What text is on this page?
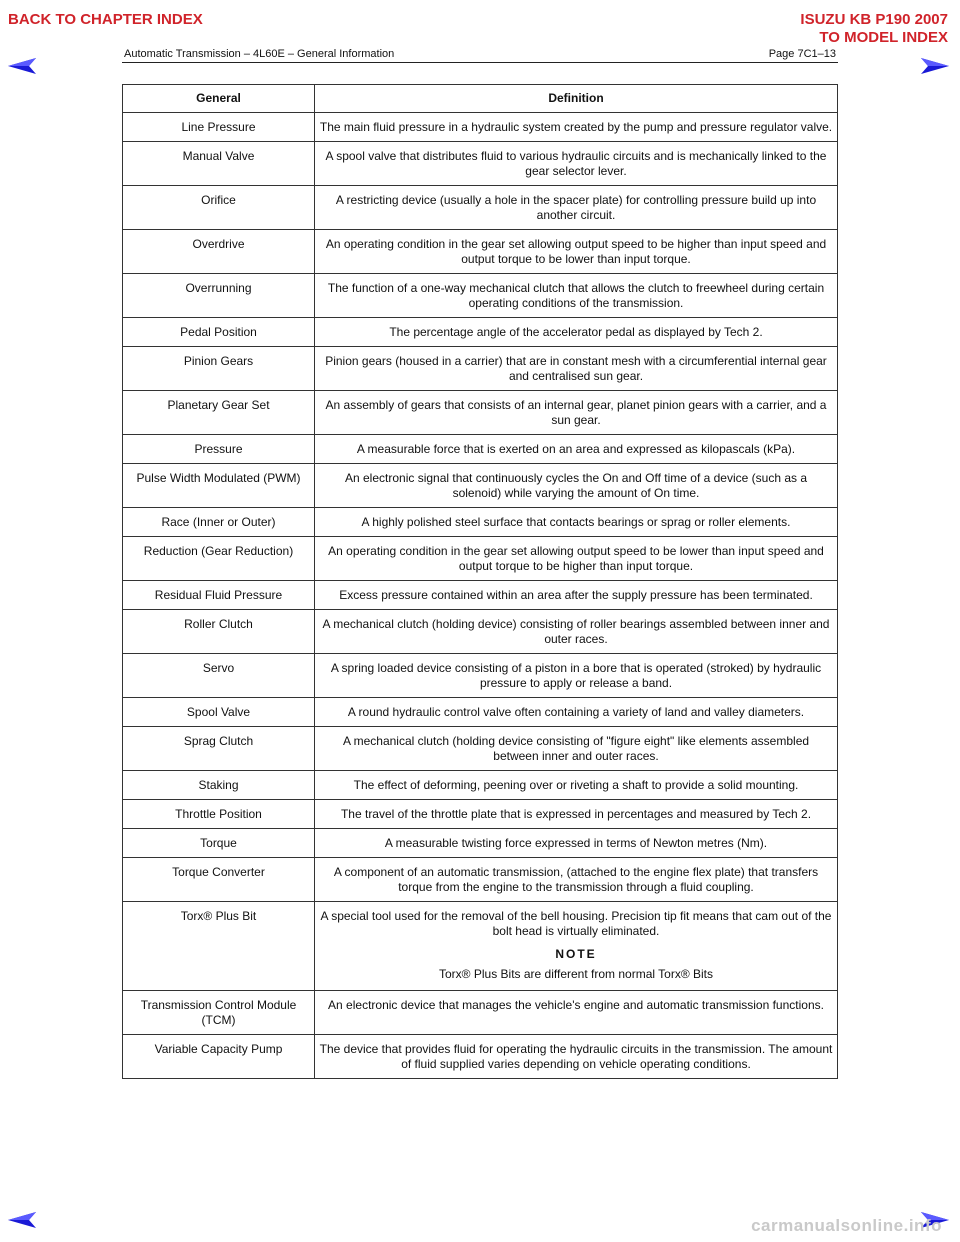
BACK TO CHAPTER INDEX	ISUZU KB P190 2007
TO MODEL INDEX
Automatic Transmission – 4L60E – General Information	Page 7C1–13
General	Definition
Line Pressure	The main fluid pressure in a hydraulic system created by the pump and pressure regulator valve.

Manual Valve	A spool valve that distributes fluid to various hydraulic circuits and is mechanically linked to the gear selector lever.

Orifice	A restricting device (usually a hole in the spacer plate) for controlling pressure build up into another circuit.

Overdrive	An operating condition in the gear set allowing output speed to be higher than input speed and output torque to be lower than input torque.

Overrunning	The function of a one-way mechanical clutch that allows the clutch to freewheel during certain operating conditions of the transmission.

Pedal Position	The percentage angle of the accelerator pedal as displayed by Tech 2.

Pinion Gears	Pinion gears (housed in a carrier) that are in constant mesh with a circumferential internal gear and centralised sun gear.

Planetary Gear Set	An assembly of gears that consists of an internal gear, planet pinion gears with a carrier, and a sun gear.

Pressure	A measurable force that is exerted on an area and expressed as kilopascals (kPa).

Pulse Width Modulated (PWM)	An electronic signal that continuously cycles the On and Off time of a device (such as a solenoid) while varying the amount of On time.

Race (Inner or Outer)	A highly polished steel surface that contacts bearings or sprag or roller elements.

Reduction (Gear Reduction)	An operating condition in the gear set allowing output speed to be lower than input speed and output torque to be higher than input torque.

Residual Fluid Pressure	Excess pressure contained within an area after the supply pressure has been terminated.

Roller Clutch	A mechanical clutch (holding device) consisting of roller bearings assembled between inner and outer races.

Servo	A spring loaded device consisting of a piston in a bore that is operated (stroked) by hydraulic pressure to apply or release a band.

Spool Valve	A round hydraulic control valve often containing a variety of land and valley diameters.

Sprag Clutch	A mechanical clutch (holding device consisting of "figure eight" like elements assembled between inner and outer races.

Staking	The effect of deforming, peening over or riveting a shaft to provide a solid mounting.

Throttle Position	The travel of the throttle plate that is expressed in percentages and measured by Tech 2.

Torque	A measurable twisting force expressed in terms of Newton metres (Nm).

Torque Converter	A component of an automatic transmission, (attached to the engine flex plate) that transfers torque from the engine to the transmission through a fluid coupling.

Torx® Plus Bit	A special tool used for the removal of the bell housing. Precision tip fit means that cam out of the bolt head is virtually eliminated.
NOTE
Torx® Plus Bits are different from normal Torx® Bits

Transmission Control Module (TCM)	An electronic device that manages the vehicle's engine and automatic transmission functions.

Variable Capacity Pump	The device that provides fluid for operating the hydraulic circuits in the transmission. The amount of fluid supplied varies depending on vehicle operating conditions.
carmanualsonline.info
